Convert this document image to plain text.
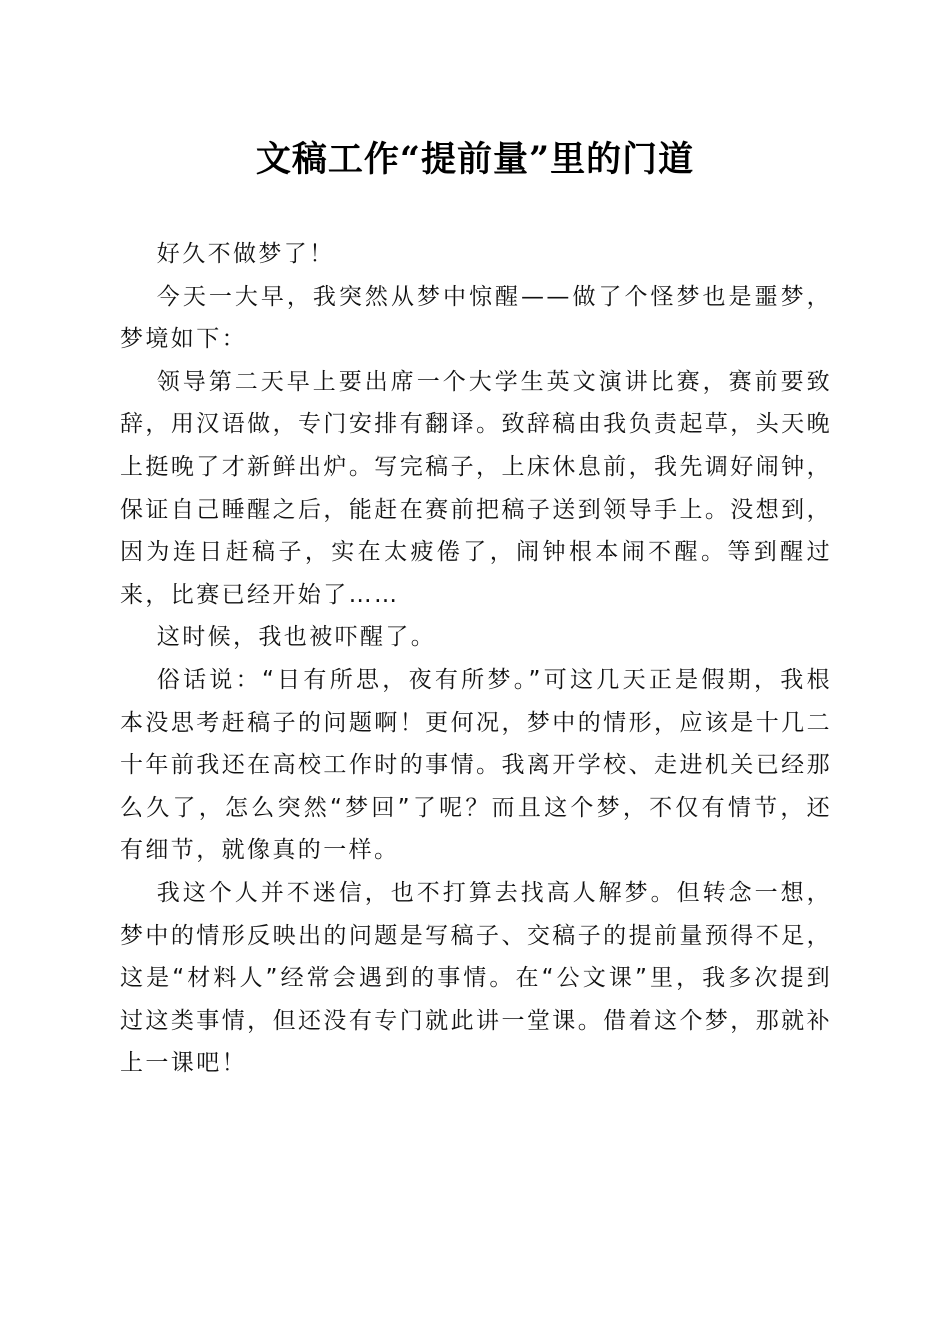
文稿工作“提前量”里的门道

好久不做梦了！

今天一大早，我突然从梦中惊醒——做了个怪梦也是噩梦，梦境如下：

领导第二天早上要出席一个大学生英文演讲比赛，赛前要致辞，用汉语做，专门安排有翻译。致辞稿由我负责起草，头天晚上挺晚了才新鲜出炉。写完稿子，上床休息前，我先调好闹钟，保证自己睡醒之后，能赶在赛前把稿子送到领导手上。没想到，因为连日赶稿子，实在太疲倦了，闹钟根本闹不醒。等到醒过来，比赛已经开始了……

这时候，我也被吓醒了。

俗话说：“日有所思，夜有所梦。”可这几天正是假期，我根本没思考赶稿子的问题啊！更何况，梦中的情形，应该是十几二十年前我还在高校工作时的事情。我离开学校、走进机关已经那么久了，怎么突然“梦回”了呢？而且这个梦，不仅有情节，还有细节，就像真的一样。

我这个人并不迷信，也不打算去找高人解梦。但转念一想，梦中的情形反映出的问题是写稿子、交稿子的提前量预得不足，这是“材料人”经常会遇到的事情。在“公文课”里，我多次提到过这类事情，但还没有专门就此讲一堂课。借着这个梦，那就补上一课吧！
